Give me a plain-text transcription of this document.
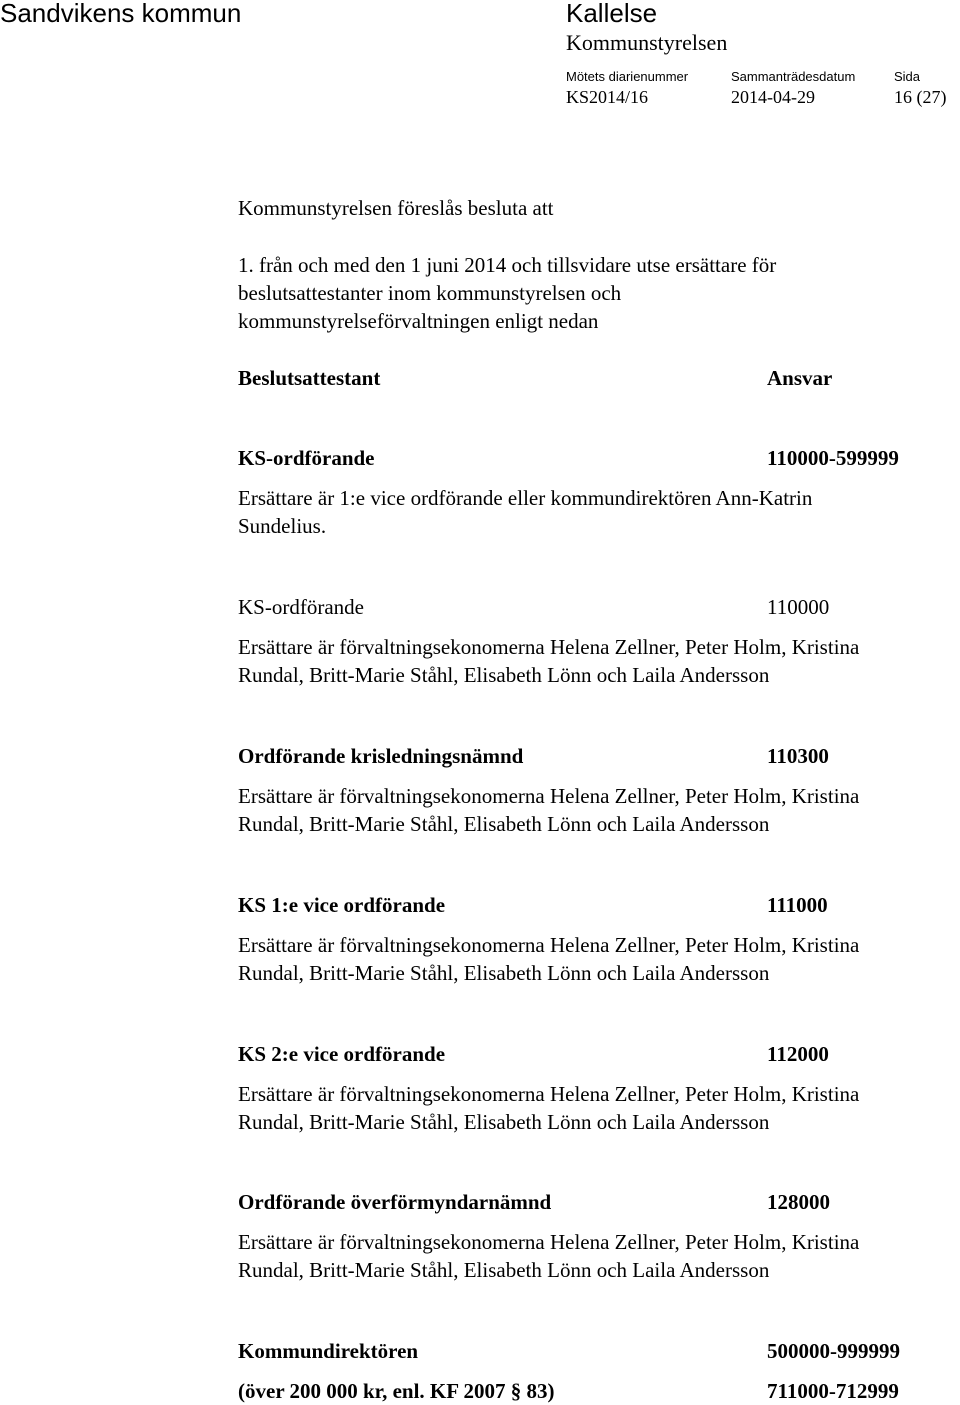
Sandvikens kommun	Kallelse
Kommunstyrelsen
Mötets diarienummer	Sammanträdesdatum	Sida
KS2014/16	2014-04-29	16 (27)
Kommunstyrelsen föreslås besluta att
1. från och med den 1 juni 2014 och tillsvidare utse ersättare för
beslutsattestanter inom kommunstyrelsen och
kommunstyrelseförvaltningen enligt nedan
Beslutsattestant	Ansvar
KS-ordförande	110000-599999
Ersättare är 1:e vice ordförande eller kommundirektören Ann-Katrin
Sundelius.
KS-ordförande	110000
Ersättare är förvaltningsekonomerna Helena Zellner, Peter Holm, Kristina
Rundal, Britt-Marie Ståhl, Elisabeth Lönn och Laila Andersson
Ordförande krisledningsnämnd	110300
Ersättare är förvaltningsekonomerna Helena Zellner, Peter Holm, Kristina
Rundal, Britt-Marie Ståhl, Elisabeth Lönn och Laila Andersson
KS 1:e vice ordförande	111000
Ersättare är förvaltningsekonomerna Helena Zellner, Peter Holm, Kristina
Rundal, Britt-Marie Ståhl, Elisabeth Lönn och Laila Andersson
KS 2:e vice ordförande	112000
Ersättare är förvaltningsekonomerna Helena Zellner, Peter Holm, Kristina
Rundal, Britt-Marie Ståhl, Elisabeth Lönn och Laila Andersson
Ordförande överförmyndarnämnd	128000
Ersättare är förvaltningsekonomerna Helena Zellner, Peter Holm, Kristina
Rundal, Britt-Marie Ståhl, Elisabeth Lönn och Laila Andersson
Kommundirektören	500000-999999
(över 200 000 kr, enl. KF 2007 § 83)	711000-712999
